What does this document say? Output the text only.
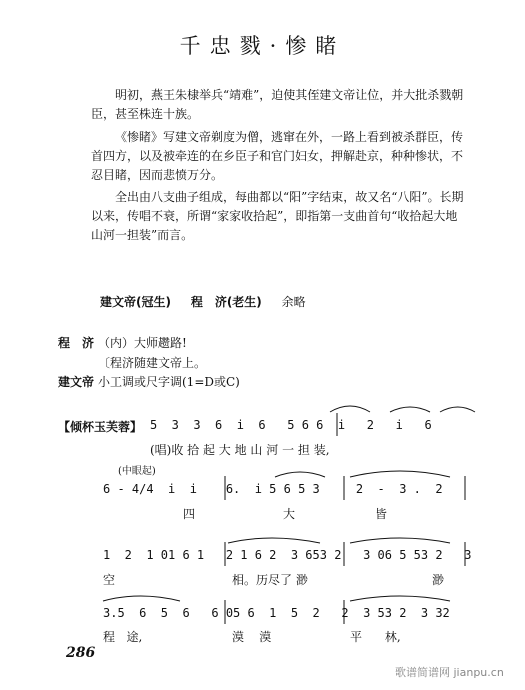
千忠戮·惨睹
明初，燕王朱棣举兵“靖难”，迫使其侄建文帝让位，并大批杀戮朝臣，甚至株连十族。
《惨睹》写建文帝剃度为僧，逃窜在外，一路上看到被杀群臣，传首四方，以及被牵连的在乡臣子和官门妇女，押解赴京，种种惨状，不忍目睹，因而悲愤万分。
全出由八支曲子组成，每曲都以“阳”字结束，故又名“八阳”。长期以来，传唱不衰，所谓“家家收拾起”，即指第一支曲首句“收拾起大地山河一担装”而言。
建文帝(冠生) 程　济(老生) 余略
程　济 （内）大师趱路!
〔程济随建文帝上。
建文帝 小工调或尺字调(1=D或C)
【倾杯玉芙蓉】 5  3  3  6  i  6   5 6 6  i   2   i   6
(唱)收 拾 起 大 地 山 河 一 担 装,
(中眼起)
6 - 4/4  i  i    6.  i 5 6 5 3     2  -  3 .  2
四	大	皆
1  2  1 01 6 1   2 1 6 2  3 653 2   3 06 5 53 2   3
空	相。历尽了 渺	渺
3.5  6  5  6   6 05 6  1  5  2   2  3 53 2  3 32
程   途,	漠    漠	平      林,
286
歌谱简谱网 jianpu.cn
